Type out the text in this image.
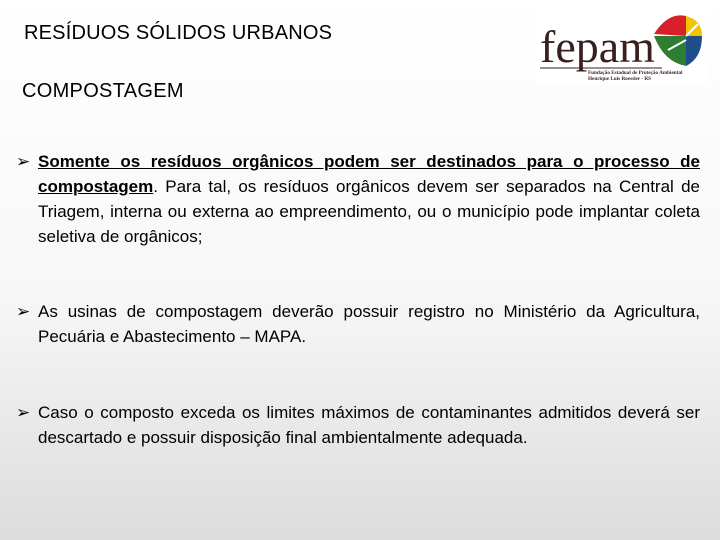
RESÍDUOS SÓLIDOS URBANOS	fepam
Fundação Estadual de Proteção Ambiental
Henrique Luis Roessler - RS
COMPOSTAGEM
➢ Somente os resíduos orgânicos podem ser destinados para o processo de compostagem. Para tal, os resíduos orgânicos devem ser separados na Central de Triagem, interna ou externa ao empreendimento, ou o município pode implantar coleta seletiva de orgânicos;
➢ As usinas de compostagem deverão possuir registro no Ministério da Agricultura, Pecuária e Abastecimento – MAPA.
➢ Caso o composto exceda os limites máximos de contaminantes admitidos deverá ser descartado e possuir disposição final ambientalmente adequada.
